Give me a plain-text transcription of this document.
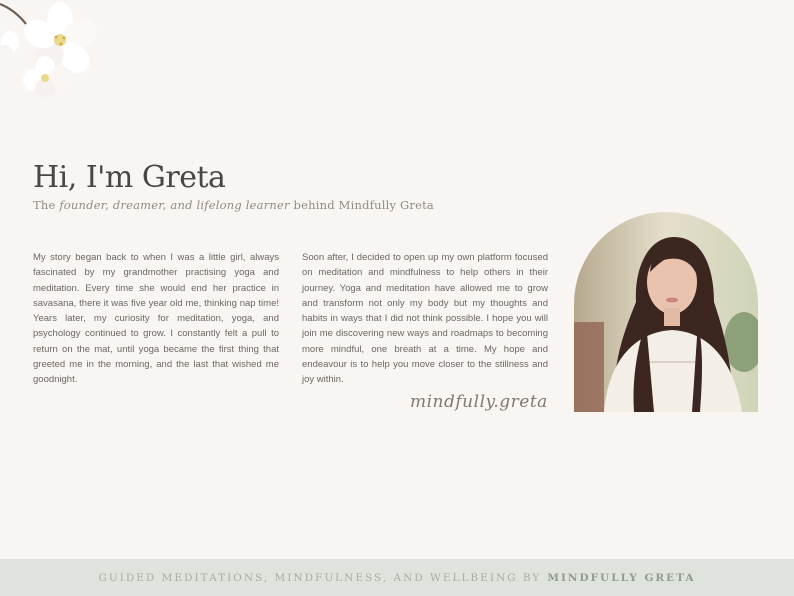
Hi, I'm Greta
The founder, dreamer, and lifelong learner behind Mindfully Greta

My story began back to when I was a little girl, always fascinated by my grandmother practising yoga and meditation. Every time she would end her practice in savasana, there it was five year old me, thinking nap time! Years later, my curiosity for meditation, yoga, and psychology continued to grow. I constantly felt a pull to return on the mat, until yoga became the first thing that greeted me in the morning, and the last that wished me goodnight.

Soon after, I decided to open up my own platform focused on meditation and mindfulness to help others in their journey. Yoga and meditation have allowed me to grow and transform not only my body but my thoughts and habits in ways that I did not think possible. I hope you will join me discovering new ways and roadmaps to becoming more mindful, one breath at a time. My hope and endeavour is to help you move closer to the stillness and joy within.

mindfully.greta
GUIDED MEDITATIONS, MINDFULNESS, AND WELLBEING BY MINDFULLY GRETA
